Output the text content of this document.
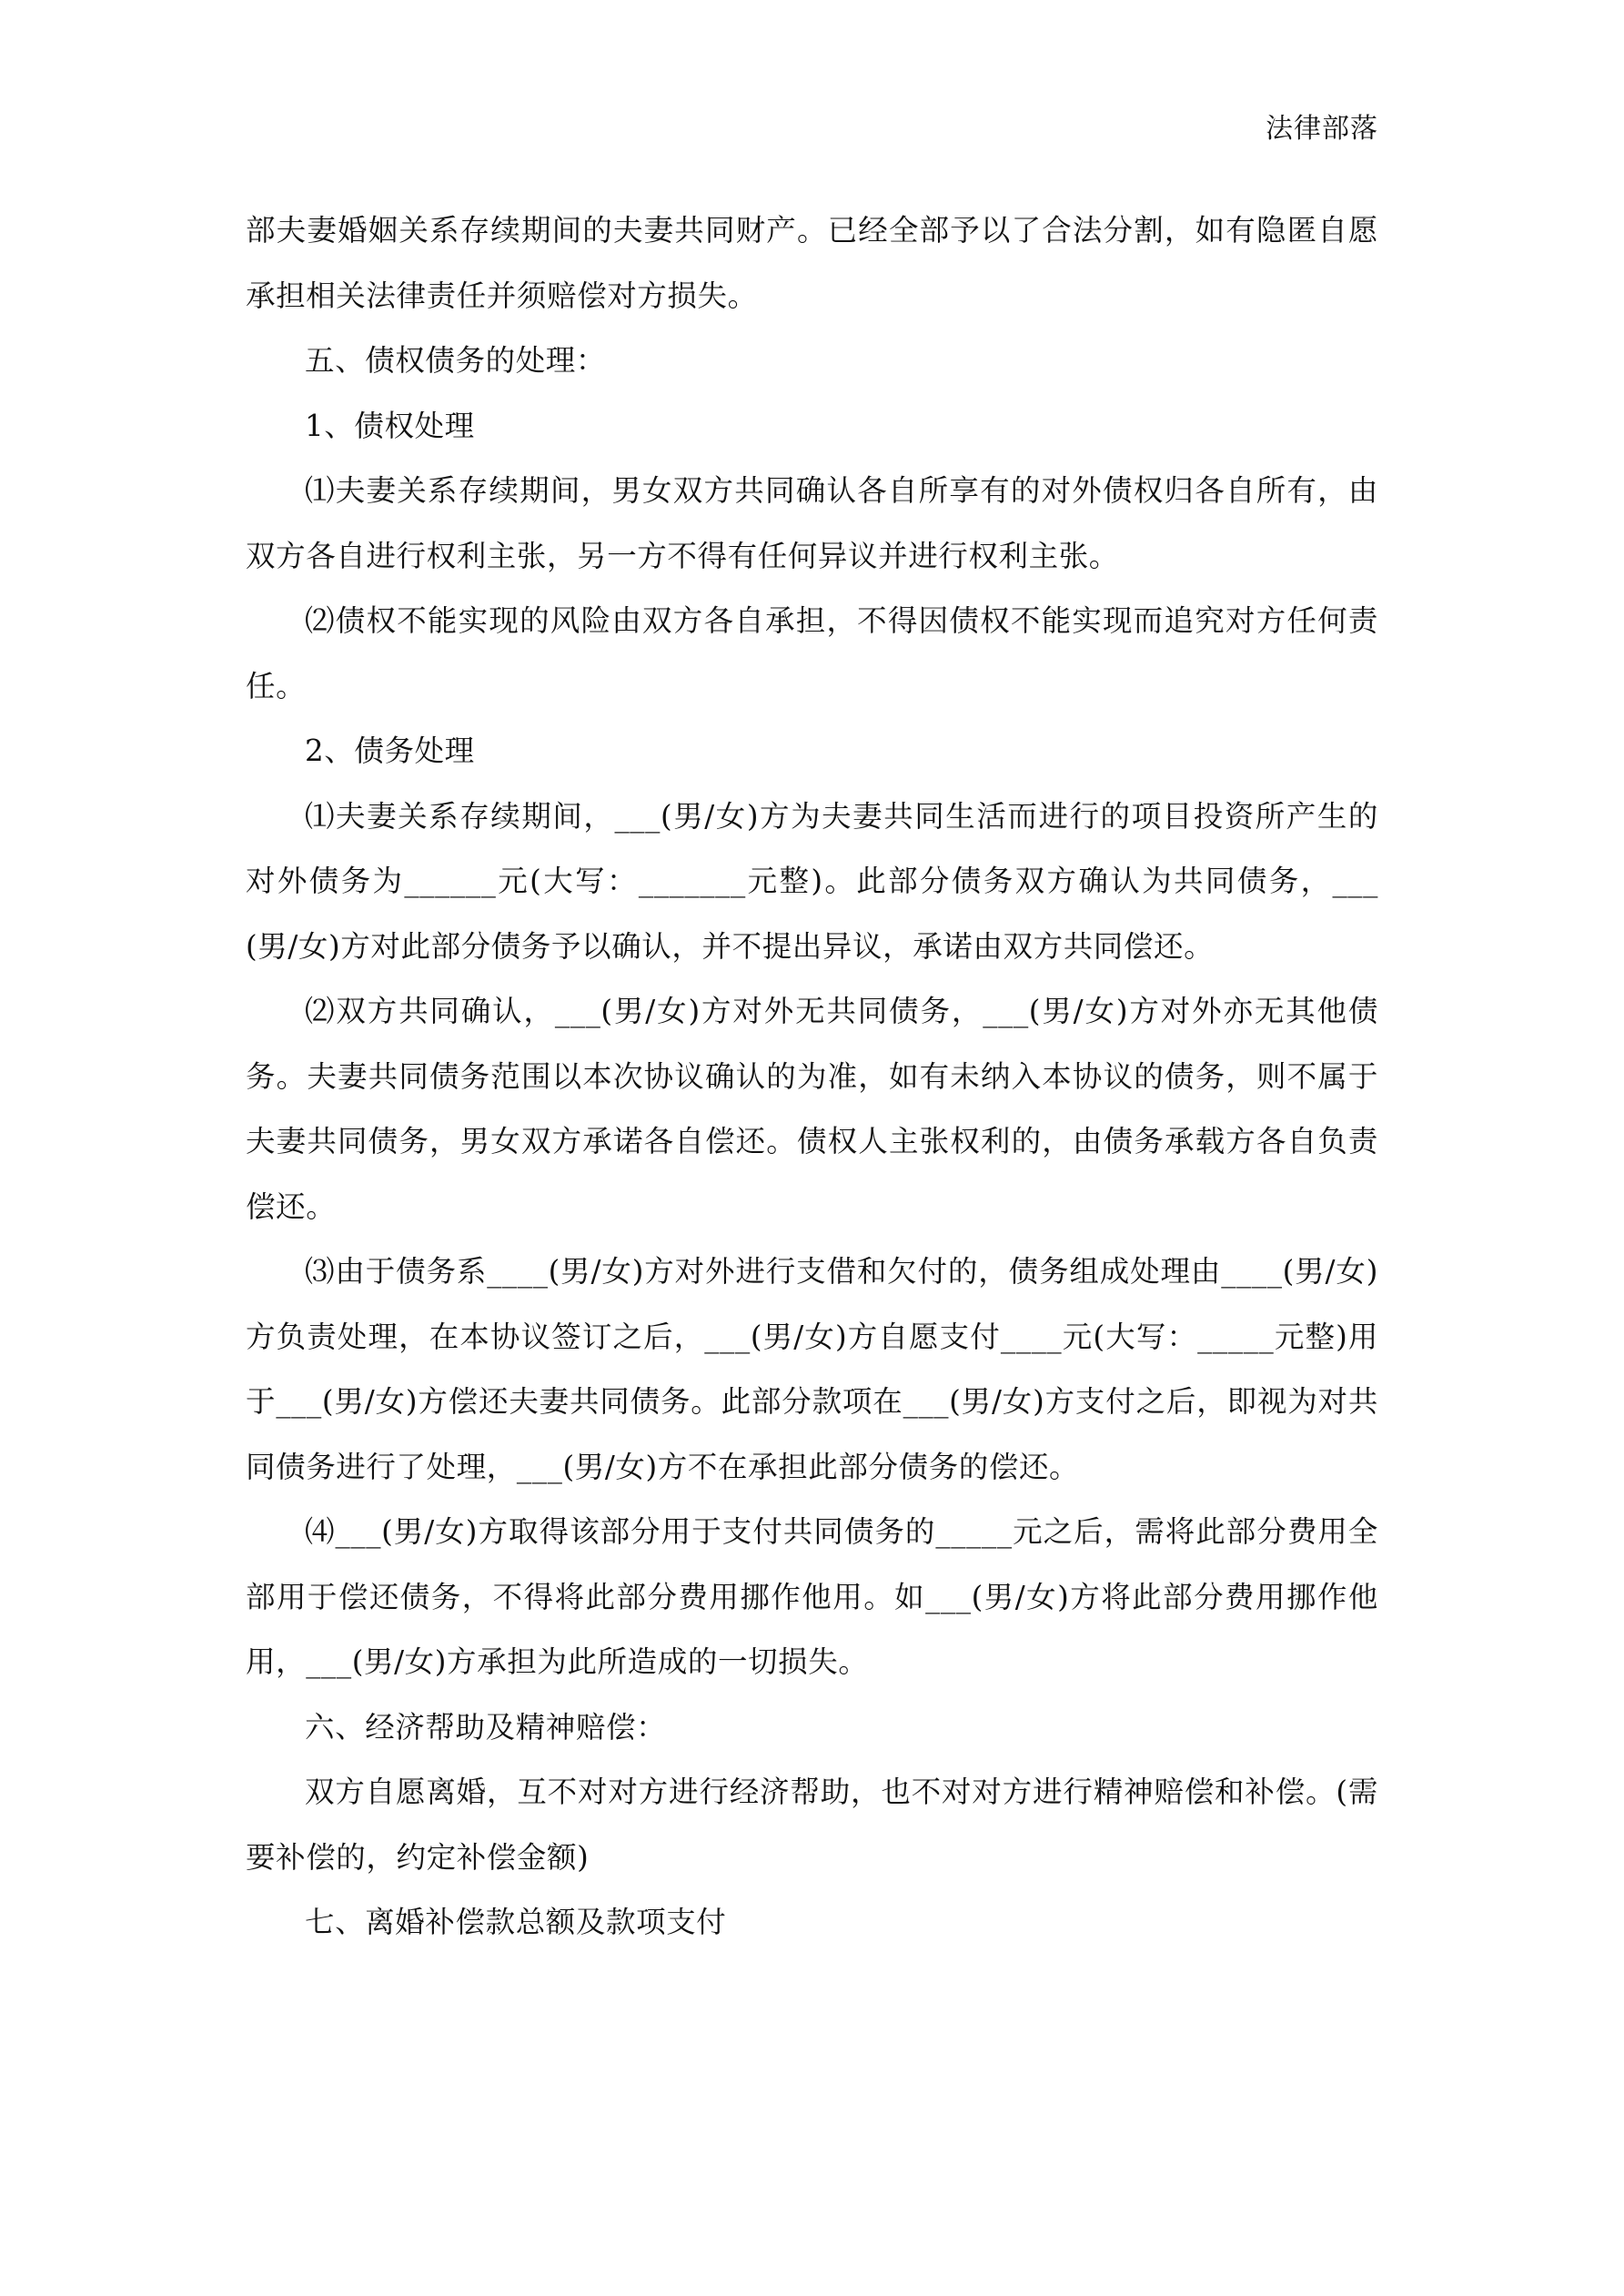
法律部落

部夫妻婚姻关系存续期间的夫妻共同财产。已经全部予以了合法分割，如有隐匿自愿承担相关法律责任并须赔偿对方损失。

五、债权债务的处理：

1、债权处理

⑴夫妻关系存续期间，男女双方共同确认各自所享有的对外债权归各自所有，由双方各自进行权利主张，另一方不得有任何异议并进行权利主张。

⑵债权不能实现的风险由双方各自承担，不得因债权不能实现而追究对方任何责任。

2、债务处理

⑴夫妻关系存续期间，___(男/女)方为夫妻共同生活而进行的项目投资所产生的对外债务为______元(大写：_______元整)。此部分债务双方确认为共同债务，___(男/女)方对此部分债务予以确认，并不提出异议，承诺由双方共同偿还。

⑵双方共同确认，___(男/女)方对外无共同债务，___(男/女)方对外亦无其他债务。夫妻共同债务范围以本次协议确认的为准，如有未纳入本协议的债务，则不属于夫妻共同债务，男女双方承诺各自偿还。债权人主张权利的，由债务承载方各自负责偿还。

⑶由于债务系____(男/女)方对外进行支借和欠付的，债务组成处理由____(男/女)方负责处理，在本协议签订之后，___(男/女)方自愿支付____元(大写：_____元整)用于___(男/女)方偿还夫妻共同债务。此部分款项在___(男/女)方支付之后，即视为对共同债务进行了处理，___(男/女)方不在承担此部分债务的偿还。

⑷___(男/女)方取得该部分用于支付共同债务的_____元之后，需将此部分费用全部用于偿还债务，不得将此部分费用挪作他用。如___(男/女)方将此部分费用挪作他用，___(男/女)方承担为此所造成的一切损失。

六、经济帮助及精神赔偿：

双方自愿离婚，互不对对方进行经济帮助，也不对对方进行精神赔偿和补偿。(需要补偿的，约定补偿金额)

七、离婚补偿款总额及款项支付
